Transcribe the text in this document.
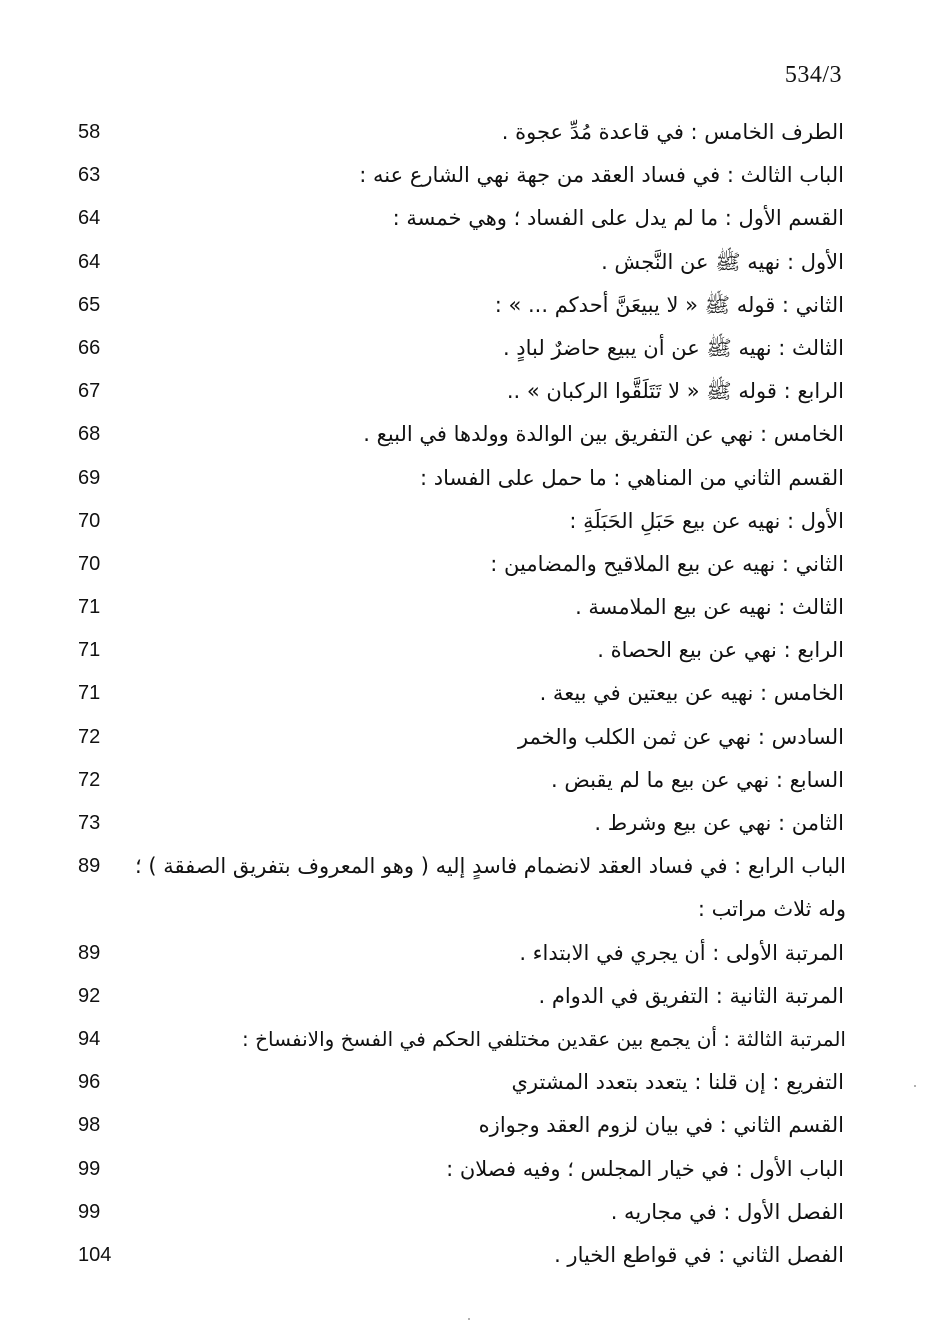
534/3
الطرف الخامس : في قاعدة مُدِّ عجوة .
58
الباب الثالث : في فساد العقد من جهة نهي الشارع عنه :
63
القسم الأول : ما لم يدل على الفساد ؛ وهي خمسة :
64
الأول : نهيه ﷺ عن النَّجش .
64
الثاني : قوله ﷺ « لا يبيعَنَّ أحدكم ... » :
65
الثالث : نهيه ﷺ عن أن يبيع حاضرٌ لبادٍ .
66
الرابع : قوله ﷺ « لا تَتَلَقَّوا الركبان » ..
67
الخامس : نهي عن التفريق بين الوالدة وولدها في البيع .
68
القسم الثاني من المناهي : ما حمل على الفساد :
69
الأول : نهيه عن بيع حَبَلِ الحَبَلَةِ :
70
الثاني : نهيه عن بيع الملاقيح والمضامين :
70
الثالث : نهيه عن بيع الملامسة .
71
الرابع : نهي عن بيع الحصاة .
71
الخامس : نهيه عن بيعتين في بيعة .
71
السادس : نهي عن ثمن الكلب والخمر
72
السابع : نهي عن بيع ما لم يقبض .
72
الثامن : نهي عن بيع وشرط .
73
الباب الرابع : في فساد العقد لانضمام فاسدٍ إليه ( وهو المعروف بتفريق الصفقة ) ؛ وله ثلاث مراتب :
89
المرتبة الأولى : أن يجري في الابتداء .
89
المرتبة الثانية : التفريق في الدوام .
92
المرتبة الثالثة : أن يجمع بين عقدين مختلفي الحكم في الفسخ والانفساخ :
94
التفريع : إن قلنا : يتعدد بتعدد المشتري
96
القسم الثاني : في بيان لزوم العقد وجوازه
98
الباب الأول : في خيار المجلس ؛ وفيه فصلان :
99
الفصل الأول : في مجاريه .
99
الفصل الثاني : في قواطع الخيار .
104
